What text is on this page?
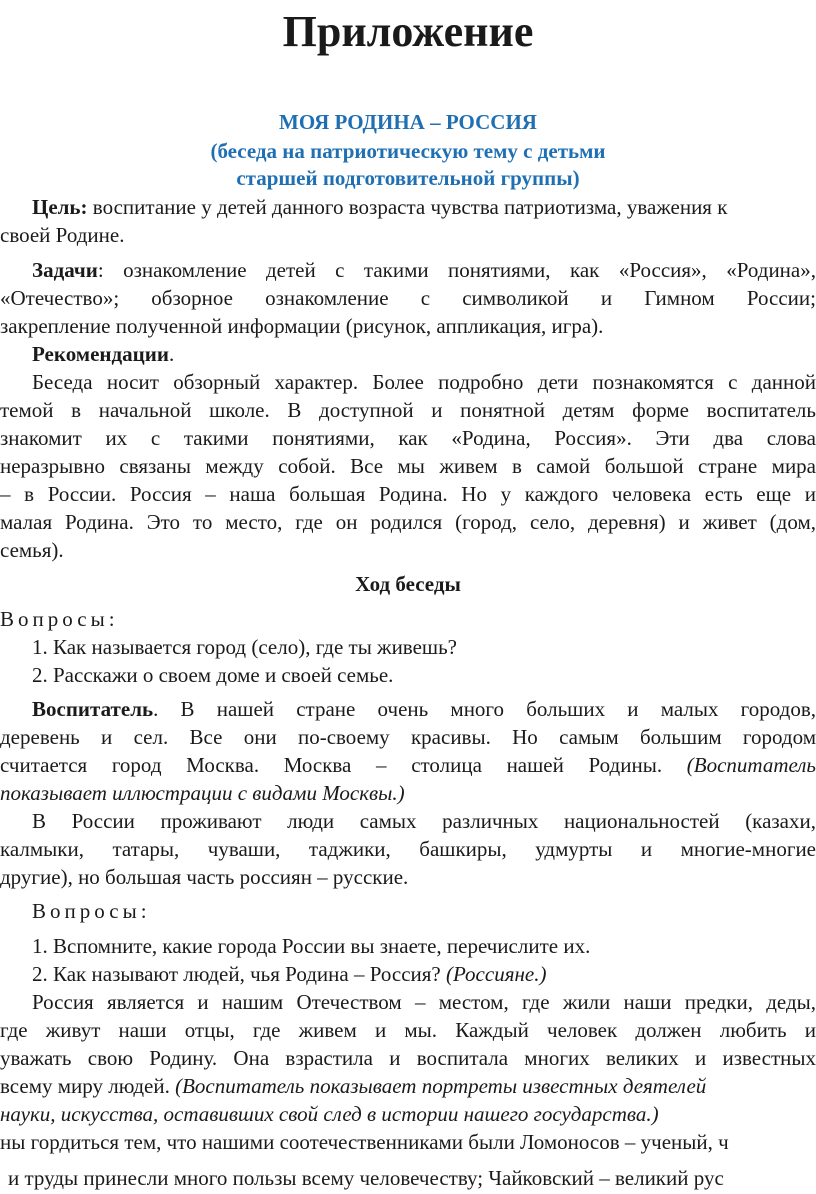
Приложение
МОЯ РОДИНА – РОССИЯ
(беседа на патриотическую тему с детьми
старшей подготовительной группы)
Цель: воспитание у детей данного возраста чувства патриотизма, уважения к
своей Родине.
Задачи: ознакомление детей с такими понятиями, как «Россия», «Родина»,
«Отечество»; обзорное ознакомление с символикой и Гимном России;
закрепление полученной информации (рисунок, аппликация, игра).
Рекомендации.
Беседа носит обзорный характер. Более подробно дети познакомятся с данной
темой в начальной школе. В доступной и понятной детям форме воспитатель
знакомит их с такими понятиями, как «Родина, Россия». Эти два слова
неразрывно связаны между собой. Все мы живем в самой большой стране мира
– в России. Россия – наша большая Родина. Но у каждого человека есть еще и
малая Родина. Это то место, где он родился (город, село, деревня) и живет (дом,
семья).
Ход беседы
Вопросы:
1. Как называется город (село), где ты живешь?
2. Расскажи о своем доме и своей семье.
Воспитатель. В нашей стране очень много больших и малых городов,
деревень и сел. Все они по-своему красивы. Но самым большим городом
считается город Москва. Москва – столица нашей Родины. (Воспитатель
показывает иллюстрации с видами Москвы.)
В России проживают люди самых различных национальностей (казахи,
калмыки, татары, чуваши, таджики, башкиры, удмурты и многие-многие
другие), но большая часть россиян – русские.
Вопросы:
1. Вспомните, какие города России вы знаете, перечислите их.
2. Как называют людей, чья Родина – Россия? (Россияне.)
Россия является и нашим Отечеством – местом, где жили наши предки, деды,
где живут наши отцы, где живем и мы. Каждый человек должен любить и
уважать свою Родину. Она взрастила и воспитала многих великих и известных
всему миру людей. (Воспитатель показывает портреты известных деятелей
науки, искусства, оставивших свой след в истории нашего государства.)
ны гордиться тем, что нашими соотечественниками были Ломоносов – ученый, ч
и труды принесли много пользы всему человечеству; Чайковский – великий рус
